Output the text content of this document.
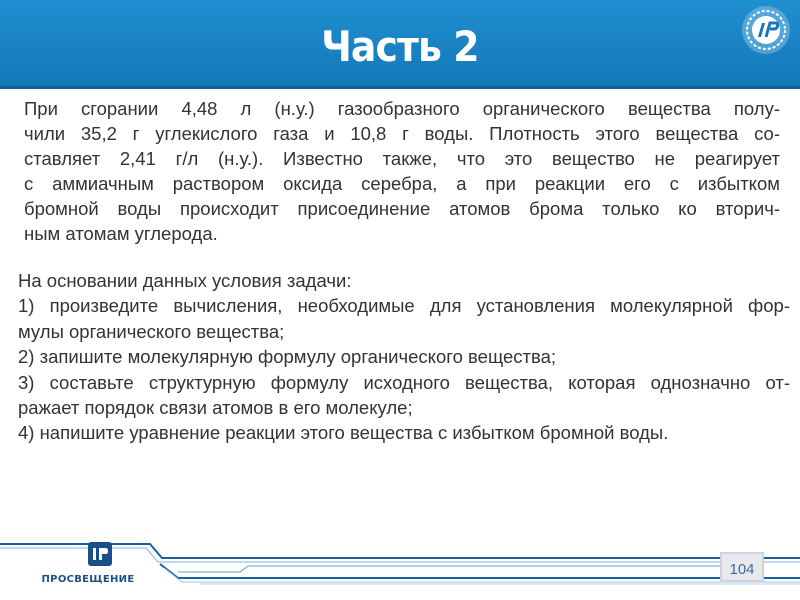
Часть 2
При сгорании 4,48 л (н.у.) газообразного органического вещества полу-
чили 35,2 г углекислого газа и 10,8 г воды. Плотность этого вещества со-
ставляет 2,41 г/л (н.у.). Известно также, что это вещество не реагирует
с аммиачным раствором оксида серебра, а при реакции его с избытком
бромной воды происходит присоединение атомов брома только ко вторич-
ным атомам углерода.
На основании данных условия задачи:
1) произведите вычисления, необходимые для установления молекулярной фор-
мулы органического вещества;
2) запишите молекулярную формулу органического вещества;
3) составьте структурную формулу исходного вещества, которая однозначно от-
ражает порядок связи атомов в его молекуле;
4) напишите уравнение реакции этого вещества с избытком бромной воды.
ПРОСВЕЩЕНИЕ
104
